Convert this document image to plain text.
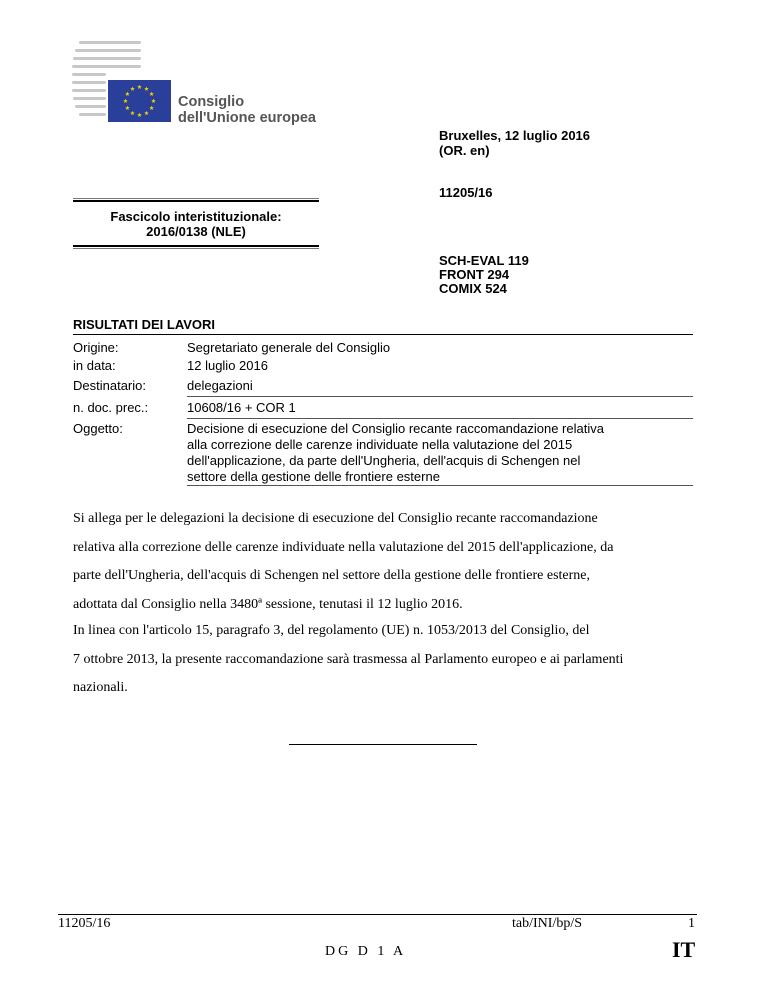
Consiglio
dell'Unione europea
Bruxelles, 12 luglio 2016
(OR. en)
11205/16
SCH-EVAL 119
FRONT 294
COMIX 524
Fascicolo interistituzionale:
2016/0138 (NLE)
RISULTATI DEI LAVORI
Origine:	Segretariato generale del Consiglio
in data:	12 luglio 2016
Destinatario:	delegazioni
n. doc. prec.:	10608/16 + COR 1
Oggetto:	Decisione di esecuzione del Consiglio recante raccomandazione relativa
alla correzione delle carenze individuate nella valutazione del 2015
dell'applicazione, da parte dell'Ungheria, dell'acquis di Schengen nel
settore della gestione delle frontiere esterne
Si allega per le delegazioni la decisione di esecuzione del Consiglio recante raccomandazione
relativa alla correzione delle carenze individuate nella valutazione del 2015 dell'applicazione, da
parte dell'Ungheria, dell'acquis di Schengen nel settore della gestione delle frontiere esterne,
adottata dal Consiglio nella 3480ª sessione, tenutasi il 12 luglio 2016.
In linea con l'articolo 15, paragrafo 3, del regolamento (UE) n. 1053/2013 del Consiglio, del
7 ottobre 2013, la presente raccomandazione sarà trasmessa al Parlamento europeo e ai parlamenti
nazionali.
11205/16	tab/INI/bp/S	1
DG D 1 A	IT
